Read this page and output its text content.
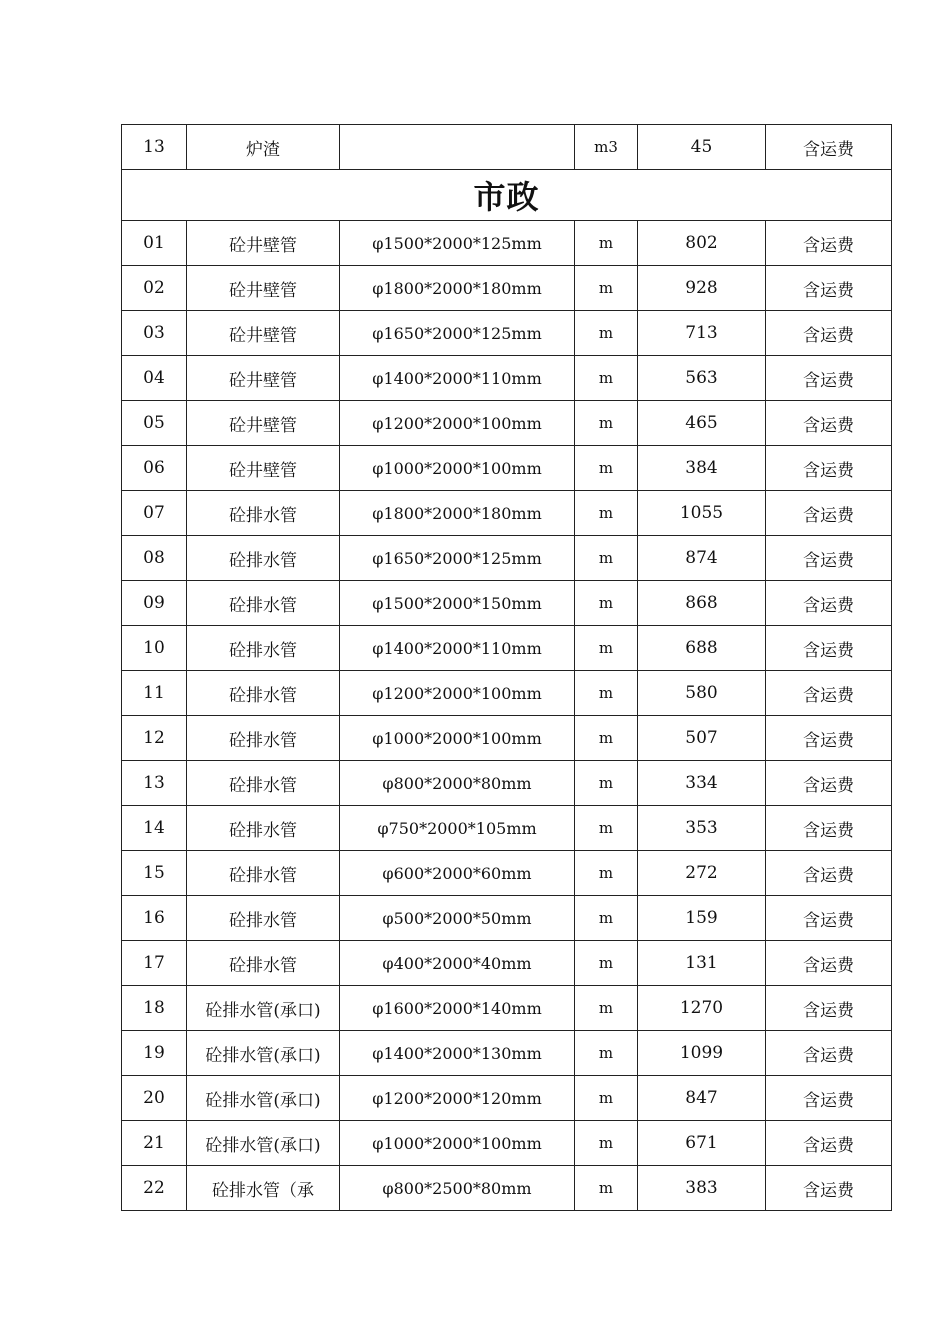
13	炉渣		m3	45	含运费
市政					
01	砼井壁管	φ1500*2000*125mm	m	802	含运费
02	砼井壁管	φ1800*2000*180mm	m	928	含运费
03	砼井壁管	φ1650*2000*125mm	m	713	含运费
04	砼井壁管	φ1400*2000*110mm	m	563	含运费
05	砼井壁管	φ1200*2000*100mm	m	465	含运费
06	砼井壁管	φ1000*2000*100mm	m	384	含运费
07	砼排水管	φ1800*2000*180mm	m	1055	含运费
08	砼排水管	φ1650*2000*125mm	m	874	含运费
09	砼排水管	φ1500*2000*150mm	m	868	含运费
10	砼排水管	φ1400*2000*110mm	m	688	含运费
11	砼排水管	φ1200*2000*100mm	m	580	含运费
12	砼排水管	φ1000*2000*100mm	m	507	含运费
13	砼排水管	φ800*2000*80mm	m	334	含运费
14	砼排水管	φ750*2000*105mm	m	353	含运费
15	砼排水管	φ600*2000*60mm	m	272	含运费
16	砼排水管	φ500*2000*50mm	m	159	含运费
17	砼排水管	φ400*2000*40mm	m	131	含运费
18	砼排水管(承口)	φ1600*2000*140mm	m	1270	含运费
19	砼排水管(承口)	φ1400*2000*130mm	m	1099	含运费
20	砼排水管(承口)	φ1200*2000*120mm	m	847	含运费
21	砼排水管(承口)	φ1000*2000*100mm	m	671	含运费
22	砼排水管（承	φ800*2500*80mm	m	383	含运费
